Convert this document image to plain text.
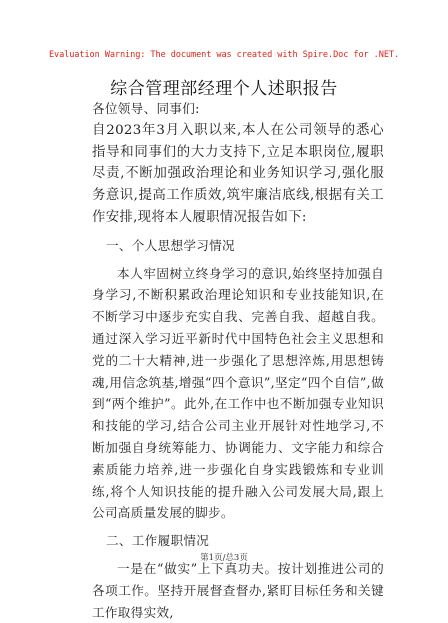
Evaluation Warning: The document was created with Spire.Doc for .NET.
综合管理部经理个人述职报告

各位领导、同事们:

自2023年3月入职以来,本人在公司领导的悉心指导和同事们的大力支持下,立足本职岗位,履职尽责,不断加强政治理论和业务知识学习,强化服务意识,提高工作质效,筑牢廉洁底线,根据有关工作安排,现将本人履职情况报告如下:

一、个人思想学习情况

本人牢固树立终身学习的意识,始终坚持加强自身学习,不断积累政治理论知识和专业技能知识,在不断学习中逐步充实自我、完善自我、超越自我。通过深入学习近平新时代中国特色社会主义思想和党的二十大精神,进一步强化了思想淬炼,用思想铸魂,用信念筑基,增强“四个意识”,坚定“四个自信”,做到“两个维护”。此外,在工作中也不断加强专业知识和技能的学习,结合公司主业开展针对性地学习,不断加强自身统筹能力、协调能力、文字能力和综合素质能力培养,进一步强化自身实践锻炼和专业训练,将个人知识技能的提升融入公司发展大局,跟上公司高质量发展的脚步。

二、工作履职情况

一是在“做实”上下真功夫。按计划推进公司的各项工作。坚持开展督查督办,紧盯目标任务和关键工作取得实效,

第1页/总3页
